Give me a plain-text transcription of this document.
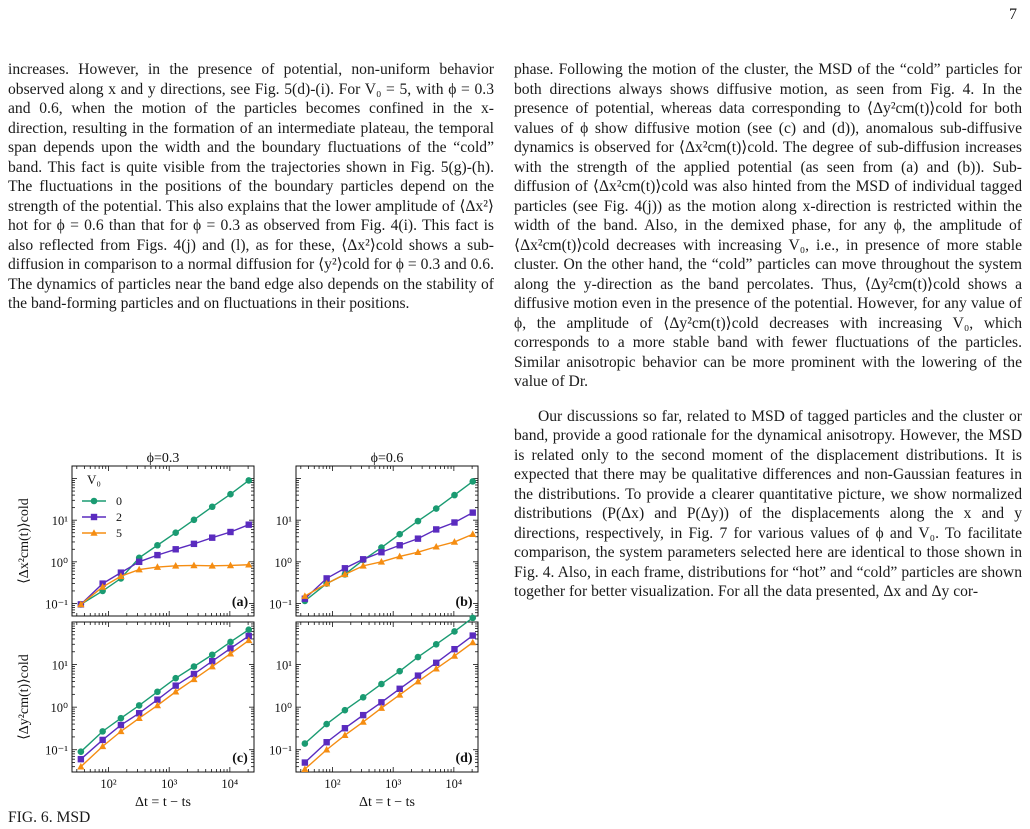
7

increases. However, in the presence of potential, non-uniform behavior observed along x and y directions, see Fig. 5(d)-(i). For V₀ = 5, with ϕ = 0.3 and 0.6, when the motion of the particles becomes confined in the x-direction, resulting in the formation of an intermediate plateau, the temporal span depends upon the width and the boundary fluctuations of the “cold” band. This fact is quite visible from the trajectories shown in Fig. 5(g)-(h). The fluctuations in the positions of the boundary particles depend on the strength of the potential. This also explains that the lower amplitude of ⟨Δx²⟩hot for ϕ = 0.6 than that for ϕ = 0.3 as observed from Fig. 4(i). This fact is also reflected from Figs. 4(j) and (l), as for these, ⟨Δx²⟩cold shows a sub-diffusion in comparison to a normal diffusion for ⟨y²⟩cold for ϕ = 0.3 and 0.6. The dynamics of particles near the band edge also depends on the stability of the band-forming particles and on fluctuations in their positions.

phase. Following the motion of the cluster, the MSD of the “cold” particles for both directions always shows diffusive motion, as seen from Fig. 4. In the presence of potential, whereas data corresponding to ⟨Δy²cm(t)⟩cold for both values of ϕ show diffusive motion (see (c) and (d)), anomalous sub-diffusive dynamics is observed for ⟨Δx²cm(t)⟩cold. The degree of sub-diffusion increases with the strength of the applied potential (as seen from (a) and (b)). Sub-diffusion of ⟨Δx²cm(t)⟩cold was also hinted from the MSD of individual tagged particles (see Fig. 4(j)) as the motion along x-direction is restricted within the width of the band. Also, in the demixed phase, for any ϕ, the amplitude of ⟨Δx²cm(t)⟩cold decreases with increasing V₀, i.e., in presence of more stable cluster. On the other hand, the “cold” particles can move throughout the system along the y-direction as the band percolates. Thus, ⟨Δy²cm(t)⟩cold shows a diffusive motion even in the presence of the potential. However, for any value of ϕ, the amplitude of ⟨Δy²cm(t)⟩cold decreases with increasing V₀, which corresponds to a more stable band with fewer fluctuations of the particles. Similar anisotropic behavior can be more prominent with the lowering of the value of Dr.

Our discussions so far, related to MSD of tagged particles and the cluster or band, provide a good rationale for the dynamical anisotropy. However, the MSD is related only to the second moment of the displacement distributions. It is expected that there may be qualitative differences and non-Gaussian features in the distributions. To provide a clearer quantitative picture, we show normalized distributions (P(Δx) and P(Δy)) of the displacements along the x and y directions, respectively, in Fig. 7 for various values of ϕ and V₀. To facilitate comparison, the system parameters selected here are identical to those shown in Fig. 4. Also, in each frame, distributions for “hot” and “cold” particles are shown together for better visualization. For all the data presented, Δx and Δy cor-

10⁻¹
10⁰
10¹
(a)
ϕ=0.3
⟨Δx²cm(t)⟩cold
V₀
0
2
5
10⁻¹
10⁰
10¹
(b)
ϕ=0.6
10⁻¹
10⁰
10¹
10²	10³	10⁴
(c)
⟨Δy²cm(t)⟩cold
Δt = t − ts
10⁻¹
10⁰
10¹
10²	10³	10⁴
(d)
Δt = t − ts
FIG. 6. MSD
